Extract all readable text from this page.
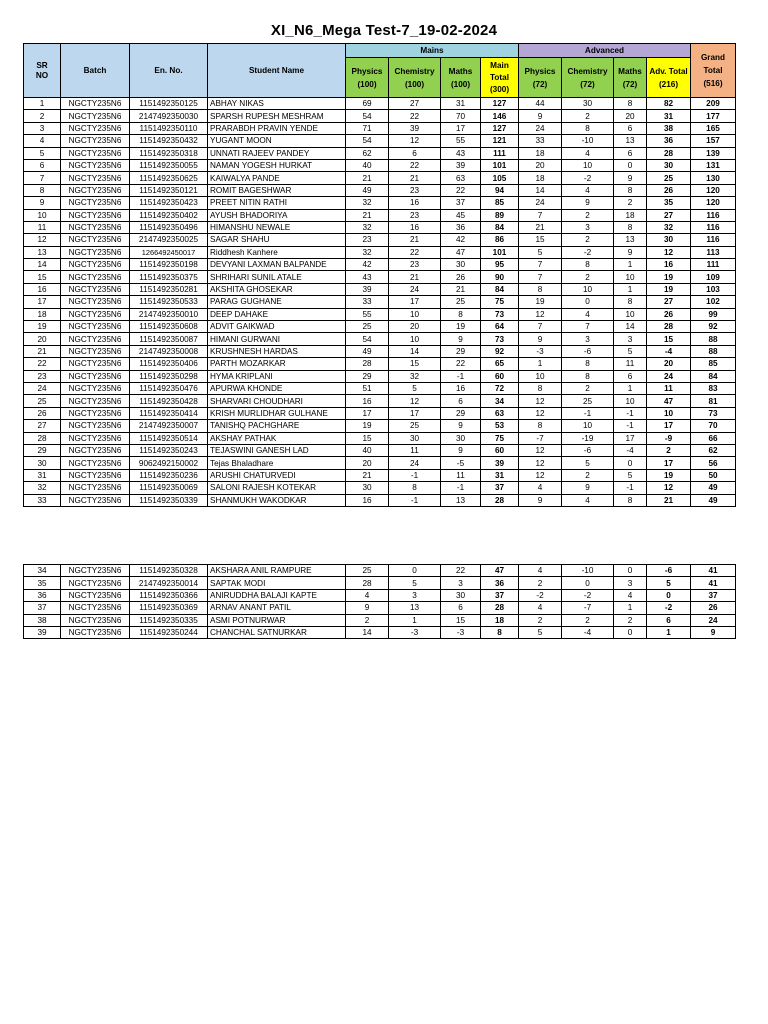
XI_N6_Mega Test-7_19-02-2024
SR NO	Batch	En. No.	Student Name	Mains				Advanced				Grand Total (516)
				Physics (100)	Chemistry (100)	Maths (100)	Main Total (300)	Physics (72)	Chemistry (72)	Maths (72)	Adv. Total (216)	
1	NGCTY235N6	1151492350125	ABHAY NIKAS	69	27	31	127	44	30	8	82	209
2	NGCTY235N6	2147492350030	SPARSH RUPESH MESHRAM	54	22	70	146	9	2	20	31	177
3	NGCTY235N6	1151492350110	PRARABDH PRAVIN YENDE	71	39	17	127	24	8	6	38	165
4	NGCTY235N6	1151492350432	YUGANT MOON	54	12	55	121	33	-10	13	36	157
5	NGCTY235N6	1151492350318	UNNATI RAJEEV PANDEY	62	6	43	111	18	4	6	28	139
6	NGCTY235N6	1151492350055	NAMAN YOGESH HURKAT	40	22	39	101	20	10	0	30	131
7	NGCTY235N6	1151492350625	KAIWALYA PANDE	21	21	63	105	18	-2	9	25	130
8	NGCTY235N6	1151492350121	ROMIT BAGESHWAR	49	23	22	94	14	4	8	26	120
9	NGCTY235N6	1151492350423	PREET NITIN RATHI	32	16	37	85	24	9	2	35	120
10	NGCTY235N6	1151492350402	AYUSH BHADORIYA	21	23	45	89	7	2	18	27	116
11	NGCTY235N6	1151492350496	HIMANSHU NEWALE	32	16	36	84	21	3	8	32	116
12	NGCTY235N6	2147492350025	SAGAR SHAHU	23	21	42	86	15	2	13	30	116
13	NGCTY235N6	1266492450017	Riddhesh Kanhere	32	22	47	101	5	-2	9	12	113
14	NGCTY235N6	1151492350198	DEVYANI LAXMAN BALPANDE	42	23	30	95	7	8	1	16	111
15	NGCTY235N6	1151492350375	SHRIHARI SUNIL ATALE	43	21	26	90	7	2	10	19	109
16	NGCTY235N6	1151492350281	AKSHITA GHOSEKAR	39	24	21	84	8	10	1	19	103
17	NGCTY235N6	1151492350533	PARAG GUGHANE	33	17	25	75	19	0	8	27	102
18	NGCTY235N6	2147492350010	DEEP DAHAKE	55	10	8	73	12	4	10	26	99
19	NGCTY235N6	1151492350608	ADVIT GAIKWAD	25	20	19	64	7	7	14	28	92
20	NGCTY235N6	1151492350087	HIMANI GURWANI	54	10	9	73	9	3	3	15	88
21	NGCTY235N6	2147492350008	KRUSHNESH HARDAS	49	14	29	92	-3	-6	5	-4	88
22	NGCTY235N6	1151492350406	PARTH MOZARKAR	28	15	22	65	1	8	11	20	85
23	NGCTY235N6	1151492350298	HYMA KRIPLANI	29	32	-1	60	10	8	6	24	84
24	NGCTY235N6	1151492350476	APURWA KHONDE	51	5	16	72	8	2	1	11	83
25	NGCTY235N6	1151492350428	SHARVARI CHOUDHARI	16	12	6	34	12	25	10	47	81
26	NGCTY235N6	1151492350414	KRISH MURLIDHAR GULHANE	17	17	29	63	12	-1	-1	10	73
27	NGCTY235N6	2147492350007	TANISHQ PACHGHARE	19	25	9	53	8	10	-1	17	70
28	NGCTY235N6	1151492350514	AKSHAY PATHAK	15	30	30	75	-7	-19	17	-9	66
29	NGCTY235N6	1151492350243	TEJASWINI GANESH LAD	40	11	9	60	12	-6	-4	2	62
30	NGCTY235N6	9062492150002	Tejas Bhaladhare	20	24	-5	39	12	5	0	17	56
31	NGCTY235N6	1151492350236	ARUSHI CHATURVEDI	21	-1	11	31	12	2	5	19	50
32	NGCTY235N6	1151492350069	SALONI RAJESH KOTEKAR	30	8	-1	37	4	9	-1	12	49
33	NGCTY235N6	1151492350339	SHANMUKH WAKODKAR	16	-1	13	28	9	4	8	21	49
34	NGCTY235N6	1151492350328	AKSHARA ANIL RAMPURE	25	0	22	47	4	-10	0	-6	41
35	NGCTY235N6	2147492350014	SAPTAK MODI	28	5	3	36	2	0	3	5	41
36	NGCTY235N6	1151492350366	ANIRUDDHA BALAJI KAPTE	4	3	30	37	-2	-2	4	0	37
37	NGCTY235N6	1151492350369	ARNAV ANANT PATIL	9	13	6	28	4	-7	1	-2	26
38	NGCTY235N6	1151492350335	ASMI POTNURWAR	2	1	15	18	2	2	2	6	24
39	NGCTY235N6	1151492350244	CHANCHAL SATNURKAR	14	-3	-3	8	5	-4	0	1	9
